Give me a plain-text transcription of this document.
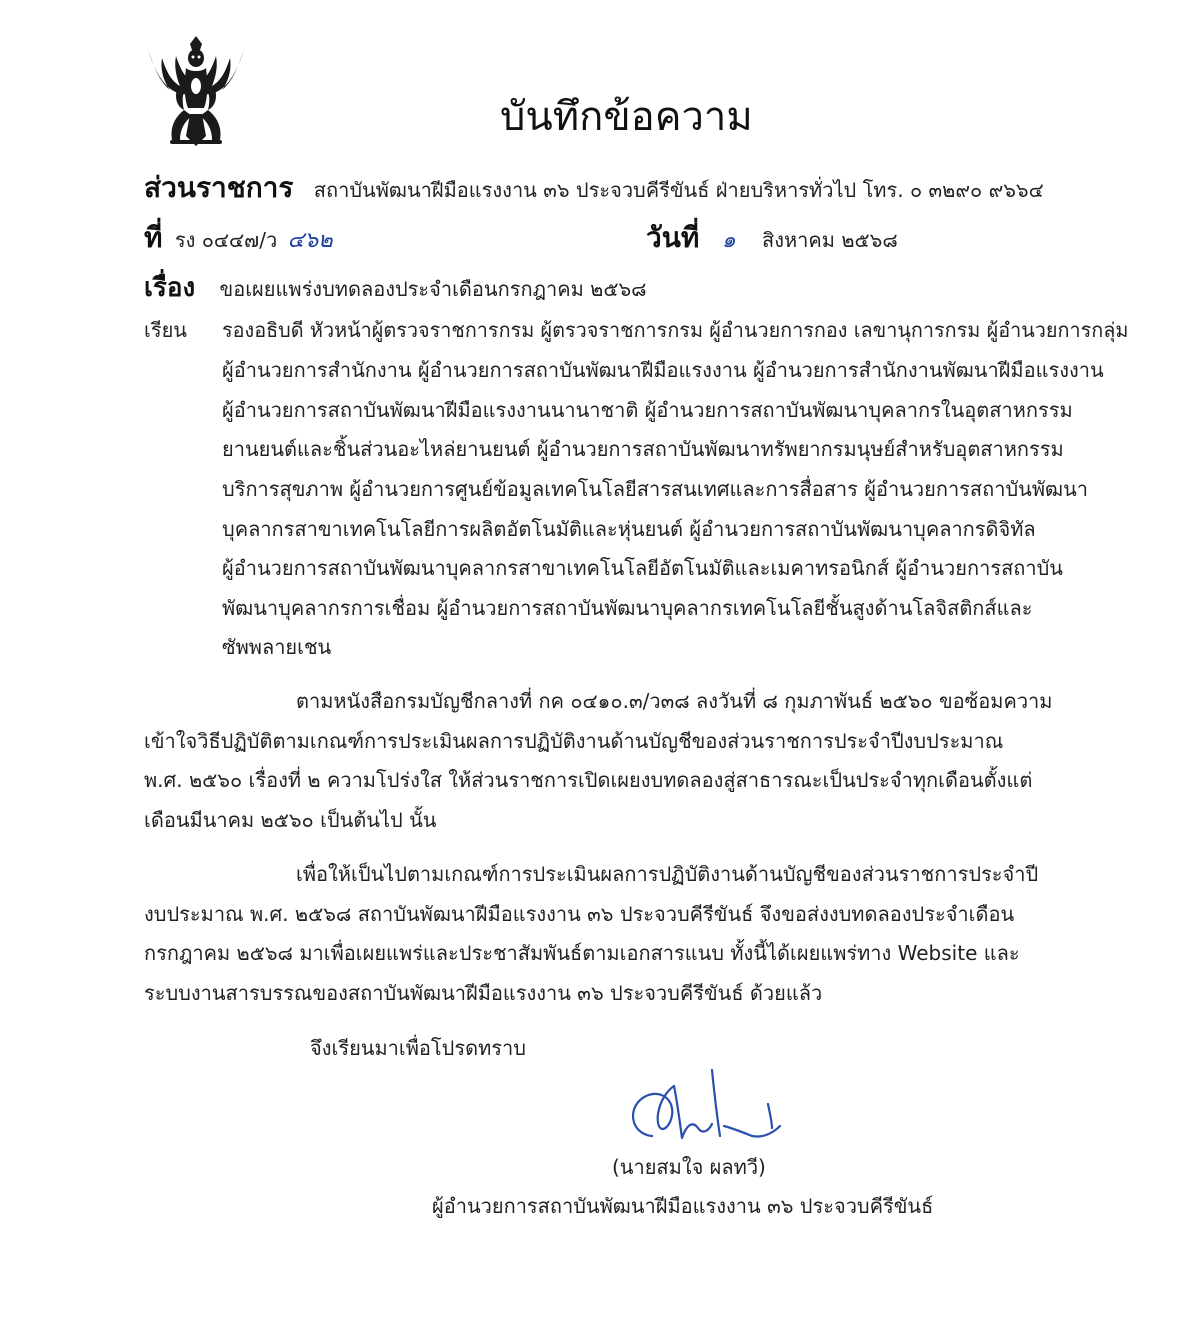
บันทึกข้อความ
ส่วนราชการ สถาบันพัฒนาฝีมือแรงงาน ๓๖ ประจวบคีรีขันธ์ ฝ่ายบริหารทั่วไป โทร. ๐ ๓๒๙๐ ๙๖๖๔
ที่ รง ๐๔๔๗/ว ๔๖๒	วันที่ ๑ สิงหาคม ๒๕๖๘
เรื่อง ขอเผยแพร่งบทดลองประจำเดือนกรกฎาคม ๒๕๖๘
เรียน รองอธิบดี หัวหน้าผู้ตรวจราชการกรม ผู้ตรวจราชการกรม ผู้อำนวยการกอง เลขานุการกรม ผู้อำนวยการกลุ่ม
ผู้อำนวยการสำนักงาน ผู้อำนวยการสถาบันพัฒนาฝีมือแรงงาน ผู้อำนวยการสำนักงานพัฒนาฝีมือแรงงาน
ผู้อำนวยการสถาบันพัฒนาฝีมือแรงงานนานาชาติ ผู้อำนวยการสถาบันพัฒนาบุคลากรในอุตสาหกรรม
ยานยนต์และชิ้นส่วนอะไหล่ยานยนต์ ผู้อำนวยการสถาบันพัฒนาทรัพยากรมนุษย์สำหรับอุตสาหกรรม
บริการสุขภาพ ผู้อำนวยการศูนย์ข้อมูลเทคโนโลยีสารสนเทศและการสื่อสาร ผู้อำนวยการสถาบันพัฒนา
บุคลากรสาขาเทคโนโลยีการผลิตอัตโนมัติและหุ่นยนต์ ผู้อำนวยการสถาบันพัฒนาบุคลากรดิจิทัล
ผู้อำนวยการสถาบันพัฒนาบุคลากรสาขาเทคโนโลยีอัตโนมัติและเมคาทรอนิกส์ ผู้อำนวยการสถาบัน
พัฒนาบุคลากรการเชื่อม ผู้อำนวยการสถาบันพัฒนาบุคลากรเทคโนโลยีชั้นสูงด้านโลจิสติกส์และ
ซัพพลายเชน
ตามหนังสือกรมบัญชีกลางที่ กค ๐๔๑๐.๓/ว๓๘ ลงวันที่ ๘ กุมภาพันธ์ ๒๕๖๐ ขอซ้อมความ
เข้าใจวิธีปฏิบัติตามเกณฑ์การประเมินผลการปฏิบัติงานด้านบัญชีของส่วนราชการประจำปีงบประมาณ
พ.ศ. ๒๕๖๐ เรื่องที่ ๒ ความโปร่งใส ให้ส่วนราชการเปิดเผยงบทดลองสู่สาธารณะเป็นประจำทุกเดือนตั้งแต่
เดือนมีนาคม ๒๕๖๐ เป็นต้นไป นั้น
เพื่อให้เป็นไปตามเกณฑ์การประเมินผลการปฏิบัติงานด้านบัญชีของส่วนราชการประจำปี
งบประมาณ พ.ศ. ๒๕๖๘ สถาบันพัฒนาฝีมือแรงงาน ๓๖ ประจวบคีรีขันธ์ จึงขอส่งงบทดลองประจำเดือน
กรกฎาคม ๒๕๖๘ มาเพื่อเผยแพร่และประชาสัมพันธ์ตามเอกสารแนบ ทั้งนี้ได้เผยแพร่ทาง Website และ
ระบบงานสารบรรณของสถาบันพัฒนาฝีมือแรงงาน ๓๖ ประจวบคีรีขันธ์ ด้วยแล้ว
จึงเรียนมาเพื่อโปรดทราบ
(นายสมใจ ผลทวี)
ผู้อำนวยการสถาบันพัฒนาฝีมือแรงงาน ๓๖ ประจวบคีรีขันธ์
